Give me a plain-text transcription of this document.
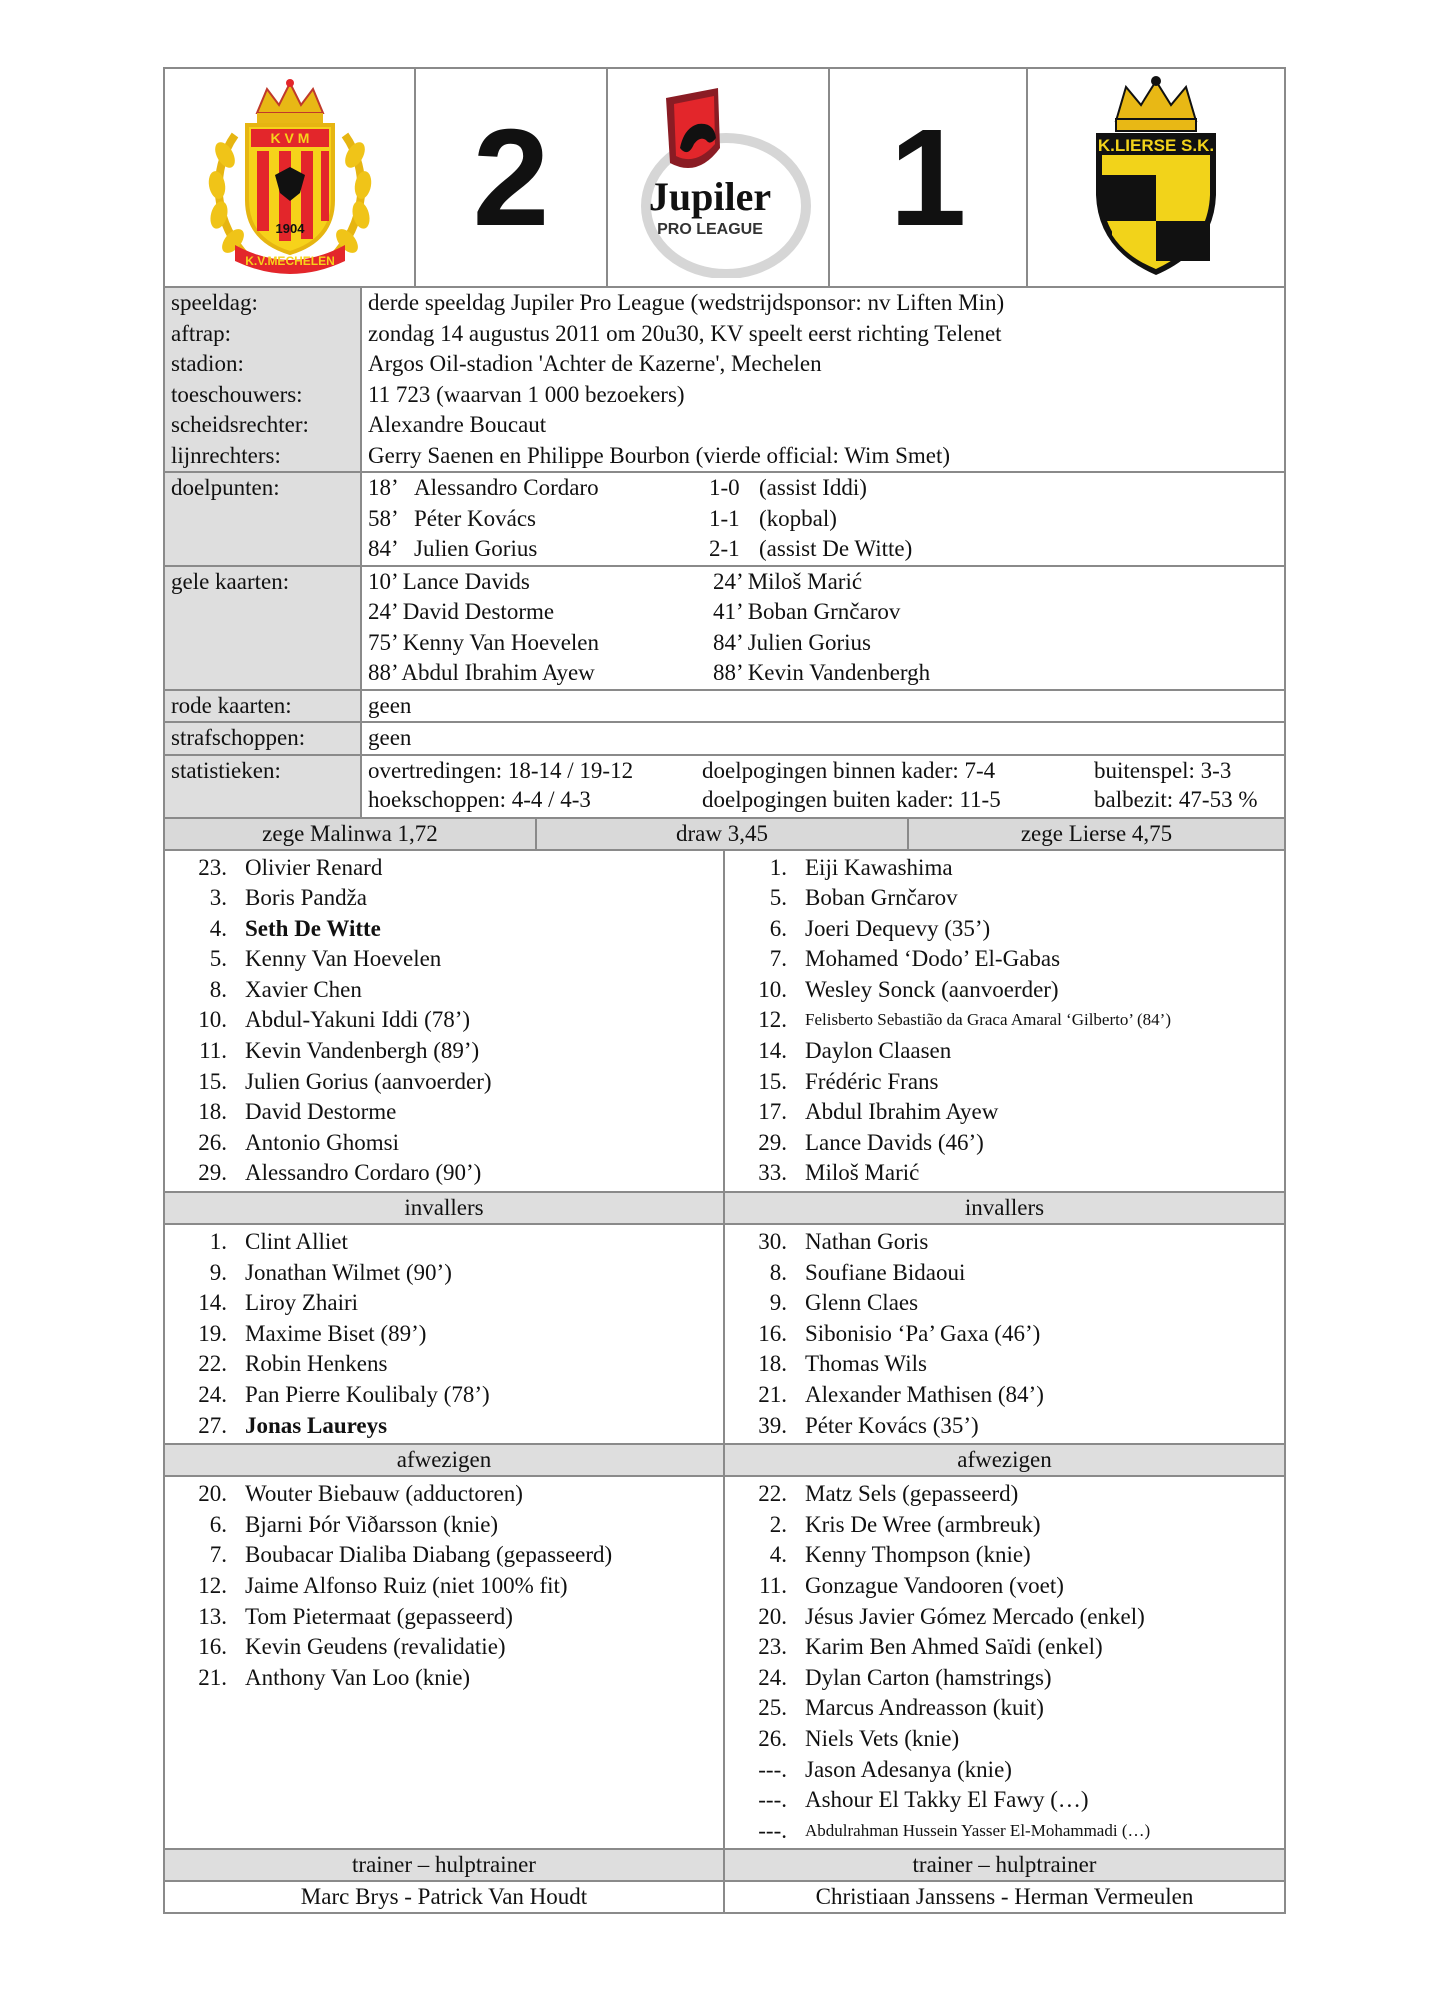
K V M
1904
K.V.MECHELEN
2 Jupiler
PRO LEAGUE 1	K.LIERSE S.K.
speeldag:	derde speeldag Jupiler Pro League (wedstrijdsponsor: nv Liften Min)
aftrap:	zondag 14 augustus 2011 om 20u30, KV speelt eerst richting Telenet
stadion:	Argos Oil-stadion 'Achter de Kazerne', Mechelen
toeschouwers:	11 723 (waarvan 1 000 bezoekers)
scheidsrechter:	Alexandre Boucaut
lijnrechters:	Gerry Saenen en Philippe Bourbon (vierde official: Wim Smet)
doelpunten:	18’ Alessandro Cordaro	1-0 (assist Iddi)
58’ Péter Kovács	1-1 (kopbal)
84’ Julien Gorius	2-1 (assist De Witte)
gele kaarten:	10’ Lance Davids	24’ Miloš Marić
24’ David Destorme	41’ Boban Grnčarov
75’ Kenny Van Hoevelen	84’ Julien Gorius
88’ Abdul Ibrahim Ayew	88’ Kevin Vandenbergh
rode kaarten:	geen
strafschoppen:	geen
statistieken:	overtredingen: 18-14 / 19-12	doelpogingen binnen kader: 7-4	buitenspel: 3-3
hoekschoppen: 4-4 / 4-3	doelpogingen buiten kader: 11-5	balbezit: 47-53 %
zege Malinwa 1,72	draw 3,45	zege Lierse 4,75
23. Olivier Renard
3. Boris Pandža
4. Seth De Witte
5. Kenny Van Hoevelen
8. Xavier Chen
10. Abdul-Yakuni Iddi (78’)
11. Kevin Vandenbergh (89’)
15. Julien Gorius (aanvoerder)
18. David Destorme
26. Antonio Ghomsi
29. Alessandro Cordaro (90’)
1. Eiji Kawashima
5. Boban Grnčarov
6. Joeri Dequevy (35’)
7. Mohamed ‘Dodo’ El-Gabas
10. Wesley Sonck (aanvoerder)
12.	Felisberto Sebastião da Graca Amaral ‘Gilberto’ (84’)
14. Daylon Claasen
15. Frédéric Frans
17. Abdul Ibrahim Ayew
29. Lance Davids (46’)
33. Miloš Marić
invallers	invallers
1. Clint Alliet
9. Jonathan Wilmet (90’)
14. Liroy Zhairi
19. Maxime Biset (89’)
22. Robin Henkens
24. Pan Pierre Koulibaly (78’)
27. Jonas Laureys
30. Nathan Goris
8. Soufiane Bidaoui
9. Glenn Claes
16. Sibonisio ‘Pa’ Gaxa (46’)
18. Thomas Wils
21. Alexander Mathisen (84’)
39. Péter Kovács (35’)
afwezigen	afwezigen
20. Wouter Biebauw (adductoren)
6. Bjarni Þór Viðarsson (knie)
7. Boubacar Dialiba Diabang (gepasseerd)
12. Jaime Alfonso Ruiz (niet 100% fit)
13. Tom Pietermaat (gepasseerd)
16. Kevin Geudens (revalidatie)
21. Anthony Van Loo (knie)
22. Matz Sels (gepasseerd)
2. Kris De Wree (armbreuk)
4. Kenny Thompson (knie)
11. Gonzague Vandooren (voet)
20. Jésus Javier Gómez Mercado (enkel)
23. Karim Ben Ahmed Saïdi (enkel)
24. Dylan Carton (hamstrings)
25. Marcus Andreasson (kuit)
26. Niels Vets (knie)
---. Jason Adesanya (knie)
---. Ashour El Takky El Fawy (…)
---.	Abdulrahman Hussein Yasser El-Mohammadi (…)
trainer – hulptrainer	trainer – hulptrainer
Marc Brys - Patrick Van Houdt	Christiaan Janssens - Herman Vermeulen
